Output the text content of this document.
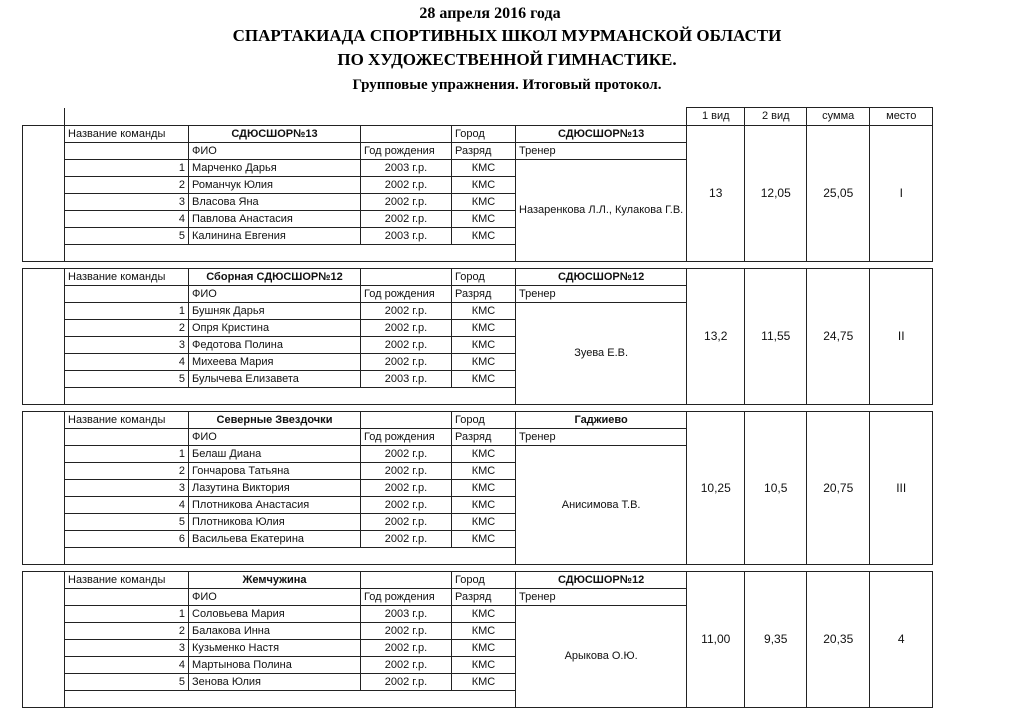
28 апреля 2016 года
СПАРТАКИАДА СПОРТИВНЫХ ШКОЛ МУРМАНСКОЙ ОБЛАСТИ
ПО ХУДОЖЕСТВЕННОЙ ГИМНАСТИКЕ.
Групповые упражнения. Итоговый протокол.
						1 вид	2 вид	сумма	место
	Название команды	СДЮСШОР№13		Город	СДЮСШОР№13	13	12,05	25,05	I
		ФИО	Год рождения	Разряд	Тренер				
	1	Марченко Дарья	2003 г.р.	КМС	Назаренкова Л.Л., Кулакова Г.В.				
	2	Романчук Юлия	2002 г.р.	КМС					
	3	Власова Яна	2002 г.р.	КМС					
	4	Павлова Анастасия	2002 г.р.	КМС					
	5	Калинина Евгения	2003 г.р.	КМС					

	Название команды	Сборная СДЮСШОР№12		Город	СДЮСШОР№12	13,2	11,55	24,75	II
		ФИО	Год рождения	Разряд	Тренер				
	1	Бушняк Дарья	2002 г.р.	КМС	Зуева Е.В.				
	2	Опря Кристина	2002 г.р.	КМС					
	3	Федотова Полина	2002 г.р.	КМС					
	4	Михеева Мария	2002 г.р.	КМС					
	5	Булычева Елизавета	2003 г.р.	КМС					

	Название команды	Северные Звездочки		Город	Гаджиево	10,25	10,5	20,75	III
		ФИО	Год рождения	Разряд	Тренер				
	1	Белаш Диана	2002 г.р.	КМС	Анисимова Т.В.				
	2	Гончарова Татьяна	2002 г.р.	КМС					
	3	Лазутина Виктория	2002 г.р.	КМС					
	4	Плотникова Анастасия	2002 г.р.	КМС					
	5	Плотникова Юлия	2002 г.р.	КМС					
	6	Васильева Екатерина	2002 г.р.	КМС					

	Название команды	Жемчужина		Город	СДЮСШОР№12	11,00	9,35	20,35	4
		ФИО	Год рождения	Разряд	Тренер				
	1	Соловьева Мария	2003 г.р.	КМС	Арыкова О.Ю.				
	2	Балакова Инна	2002 г.р.	КМС					
	3	Кузьменко Настя	2002 г.р.	КМС					
	4	Мартынова Полина	2002 г.р.	КМС					
	5	Зенова Юлия	2002 г.р.	КМС					
